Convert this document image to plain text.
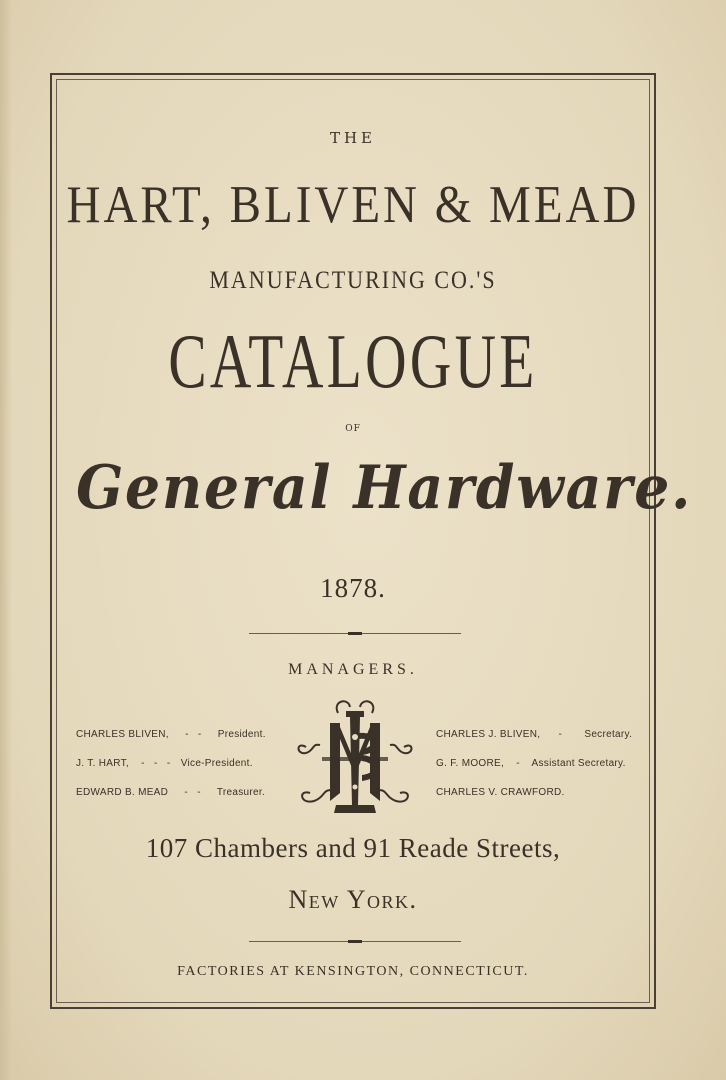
THE
HART, BLIVEN & MEAD
MANUFACTURING CO.'S
CATALOGUE
OF
General Hardware.
1878.
MANAGERS.
CHARLES BLIVEN, -   - President.
J. T. HART, -   -   - Vice-President.
EDWARD B. MEAD -   - Treasurer.
CHARLES J. BLIVEN, - Secretary.
G. F. MOORE, - Assistant Secretary.
CHARLES V. CRAWFORD.
107 Chambers and 91 Reade Streets,
New York.
FACTORIES AT KENSINGTON, CONNECTICUT.
